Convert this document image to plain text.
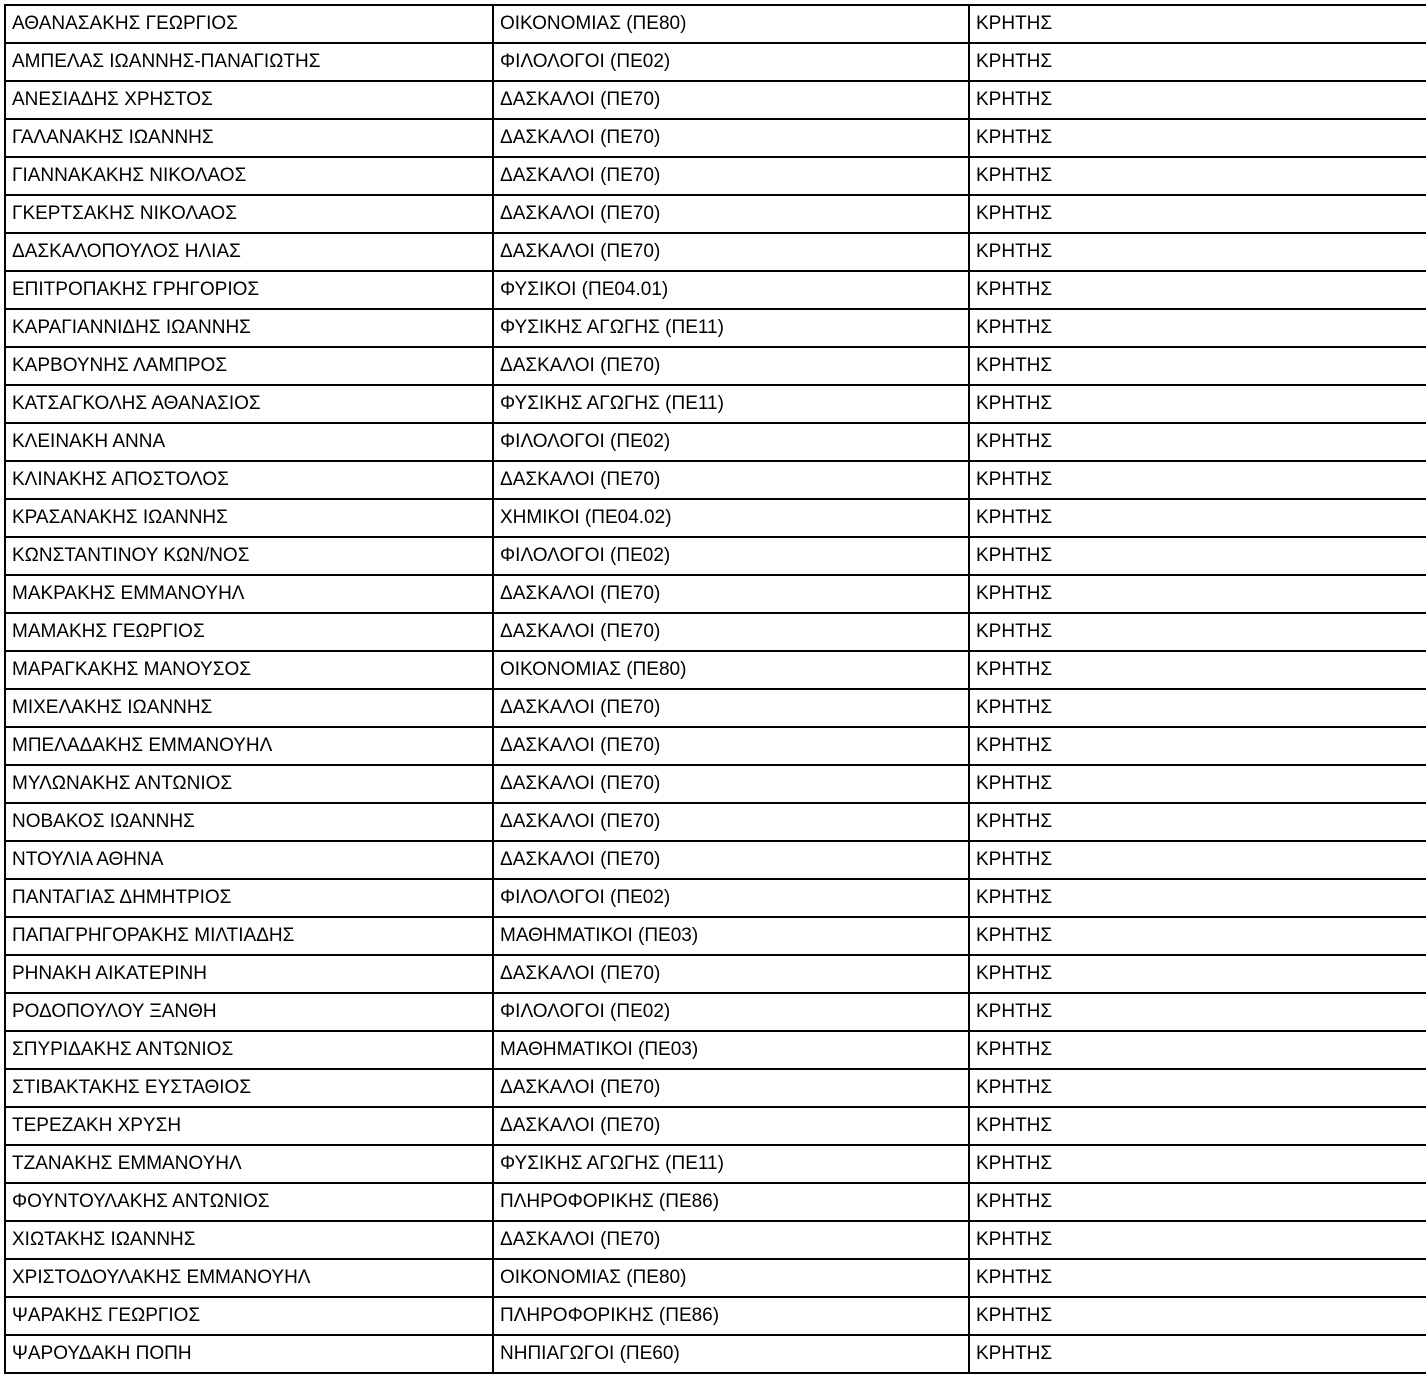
ΑΘΑΝΑΣΑΚΗΣ ΓΕΩΡΓΙΟΣ	ΟΙΚΟΝΟΜΙΑΣ (ΠΕ80)	ΚΡΗΤΗΣ
ΑΜΠΕΛΑΣ ΙΩΑΝΝΗΣ-ΠΑΝΑΓΙΩΤΗΣ	ΦΙΛΟΛΟΓΟΙ (ΠΕ02)	ΚΡΗΤΗΣ
ΑΝΕΣΙΑΔΗΣ ΧΡΗΣΤΟΣ	ΔΑΣΚΑΛΟΙ (ΠΕ70)	ΚΡΗΤΗΣ
ΓΑΛΑΝΑΚΗΣ ΙΩΑΝΝΗΣ	ΔΑΣΚΑΛΟΙ (ΠΕ70)	ΚΡΗΤΗΣ
ΓΙΑΝΝΑΚΑΚΗΣ ΝΙΚΟΛΑΟΣ	ΔΑΣΚΑΛΟΙ (ΠΕ70)	ΚΡΗΤΗΣ
ΓΚΕΡΤΣΑΚΗΣ ΝΙΚΟΛΑΟΣ	ΔΑΣΚΑΛΟΙ (ΠΕ70)	ΚΡΗΤΗΣ
ΔΑΣΚΑΛΟΠΟΥΛΟΣ ΗΛΙΑΣ	ΔΑΣΚΑΛΟΙ (ΠΕ70)	ΚΡΗΤΗΣ
ΕΠΙΤΡΟΠΑΚΗΣ ΓΡΗΓΟΡΙΟΣ	ΦΥΣΙΚΟΙ (ΠΕ04.01)	ΚΡΗΤΗΣ
ΚΑΡΑΓΙΑΝΝΙΔΗΣ ΙΩΑΝΝΗΣ	ΦΥΣΙΚΗΣ ΑΓΩΓΗΣ (ΠΕ11)	ΚΡΗΤΗΣ
ΚΑΡΒΟΥΝΗΣ ΛΑΜΠΡΟΣ	ΔΑΣΚΑΛΟΙ (ΠΕ70)	ΚΡΗΤΗΣ
ΚΑΤΣΑΓΚΟΛΗΣ ΑΘΑΝΑΣΙΟΣ	ΦΥΣΙΚΗΣ ΑΓΩΓΗΣ (ΠΕ11)	ΚΡΗΤΗΣ
ΚΛΕΙΝΑΚΗ ΑΝΝΑ	ΦΙΛΟΛΟΓΟΙ (ΠΕ02)	ΚΡΗΤΗΣ
ΚΛΙΝΑΚΗΣ ΑΠΟΣΤΟΛΟΣ	ΔΑΣΚΑΛΟΙ (ΠΕ70)	ΚΡΗΤΗΣ
ΚΡΑΣΑΝΑΚΗΣ ΙΩΑΝΝΗΣ	ΧΗΜΙΚΟΙ (ΠΕ04.02)	ΚΡΗΤΗΣ
ΚΩΝΣΤΑΝΤΙΝΟΥ ΚΩΝ/ΝΟΣ	ΦΙΛΟΛΟΓΟΙ (ΠΕ02)	ΚΡΗΤΗΣ
ΜΑΚΡΑΚΗΣ ΕΜΜΑΝΟΥΗΛ	ΔΑΣΚΑΛΟΙ (ΠΕ70)	ΚΡΗΤΗΣ
ΜΑΜΑΚΗΣ ΓΕΩΡΓΙΟΣ	ΔΑΣΚΑΛΟΙ (ΠΕ70)	ΚΡΗΤΗΣ
ΜΑΡΑΓΚΑΚΗΣ ΜΑΝΟΥΣΟΣ	ΟΙΚΟΝΟΜΙΑΣ (ΠΕ80)	ΚΡΗΤΗΣ
ΜΙΧΕΛΑΚΗΣ ΙΩΑΝΝΗΣ	ΔΑΣΚΑΛΟΙ (ΠΕ70)	ΚΡΗΤΗΣ
ΜΠΕΛΑΔΑΚΗΣ ΕΜΜΑΝΟΥΗΛ	ΔΑΣΚΑΛΟΙ (ΠΕ70)	ΚΡΗΤΗΣ
ΜΥΛΩΝΑΚΗΣ ΑΝΤΩΝΙΟΣ	ΔΑΣΚΑΛΟΙ (ΠΕ70)	ΚΡΗΤΗΣ
ΝΟΒΑΚΟΣ ΙΩΑΝΝΗΣ	ΔΑΣΚΑΛΟΙ (ΠΕ70)	ΚΡΗΤΗΣ
ΝΤΟΥΛΙΑ ΑΘΗΝΑ	ΔΑΣΚΑΛΟΙ (ΠΕ70)	ΚΡΗΤΗΣ
ΠΑΝΤΑΓΙΑΣ ΔΗΜΗΤΡΙΟΣ	ΦΙΛΟΛΟΓΟΙ (ΠΕ02)	ΚΡΗΤΗΣ
ΠΑΠΑΓΡΗΓΟΡΑΚΗΣ ΜΙΛΤΙΑΔΗΣ	ΜΑΘΗΜΑΤΙΚΟΙ (ΠΕ03)	ΚΡΗΤΗΣ
ΡΗΝΑΚΗ ΑΙΚΑΤΕΡΙΝΗ	ΔΑΣΚΑΛΟΙ (ΠΕ70)	ΚΡΗΤΗΣ
ΡΟΔΟΠΟΥΛΟΥ ΞΑΝΘΗ	ΦΙΛΟΛΟΓΟΙ (ΠΕ02)	ΚΡΗΤΗΣ
ΣΠΥΡΙΔΑΚΗΣ ΑΝΤΩΝΙΟΣ	ΜΑΘΗΜΑΤΙΚΟΙ (ΠΕ03)	ΚΡΗΤΗΣ
ΣΤΙΒΑΚΤΑΚΗΣ ΕΥΣΤΑΘΙΟΣ	ΔΑΣΚΑΛΟΙ (ΠΕ70)	ΚΡΗΤΗΣ
ΤΕΡΕΖΑΚΗ ΧΡΥΣΗ	ΔΑΣΚΑΛΟΙ (ΠΕ70)	ΚΡΗΤΗΣ
ΤΖΑΝΑΚΗΣ ΕΜΜΑΝΟΥΗΛ	ΦΥΣΙΚΗΣ ΑΓΩΓΗΣ (ΠΕ11)	ΚΡΗΤΗΣ
ΦΟΥΝΤΟΥΛΑΚΗΣ ΑΝΤΩΝΙΟΣ	ΠΛΗΡΟΦΟΡΙΚΗΣ (ΠΕ86)	ΚΡΗΤΗΣ
ΧΙΩΤΑΚΗΣ ΙΩΑΝΝΗΣ	ΔΑΣΚΑΛΟΙ (ΠΕ70)	ΚΡΗΤΗΣ
ΧΡΙΣΤΟΔΟΥΛΑΚΗΣ ΕΜΜΑΝΟΥΗΛ	ΟΙΚΟΝΟΜΙΑΣ (ΠΕ80)	ΚΡΗΤΗΣ
ΨΑΡΑΚΗΣ ΓΕΩΡΓΙΟΣ	ΠΛΗΡΟΦΟΡΙΚΗΣ (ΠΕ86)	ΚΡΗΤΗΣ
ΨΑΡΟΥΔΑΚΗ ΠΟΠΗ	ΝΗΠΙΑΓΩΓΟΙ (ΠΕ60)	ΚΡΗΤΗΣ
